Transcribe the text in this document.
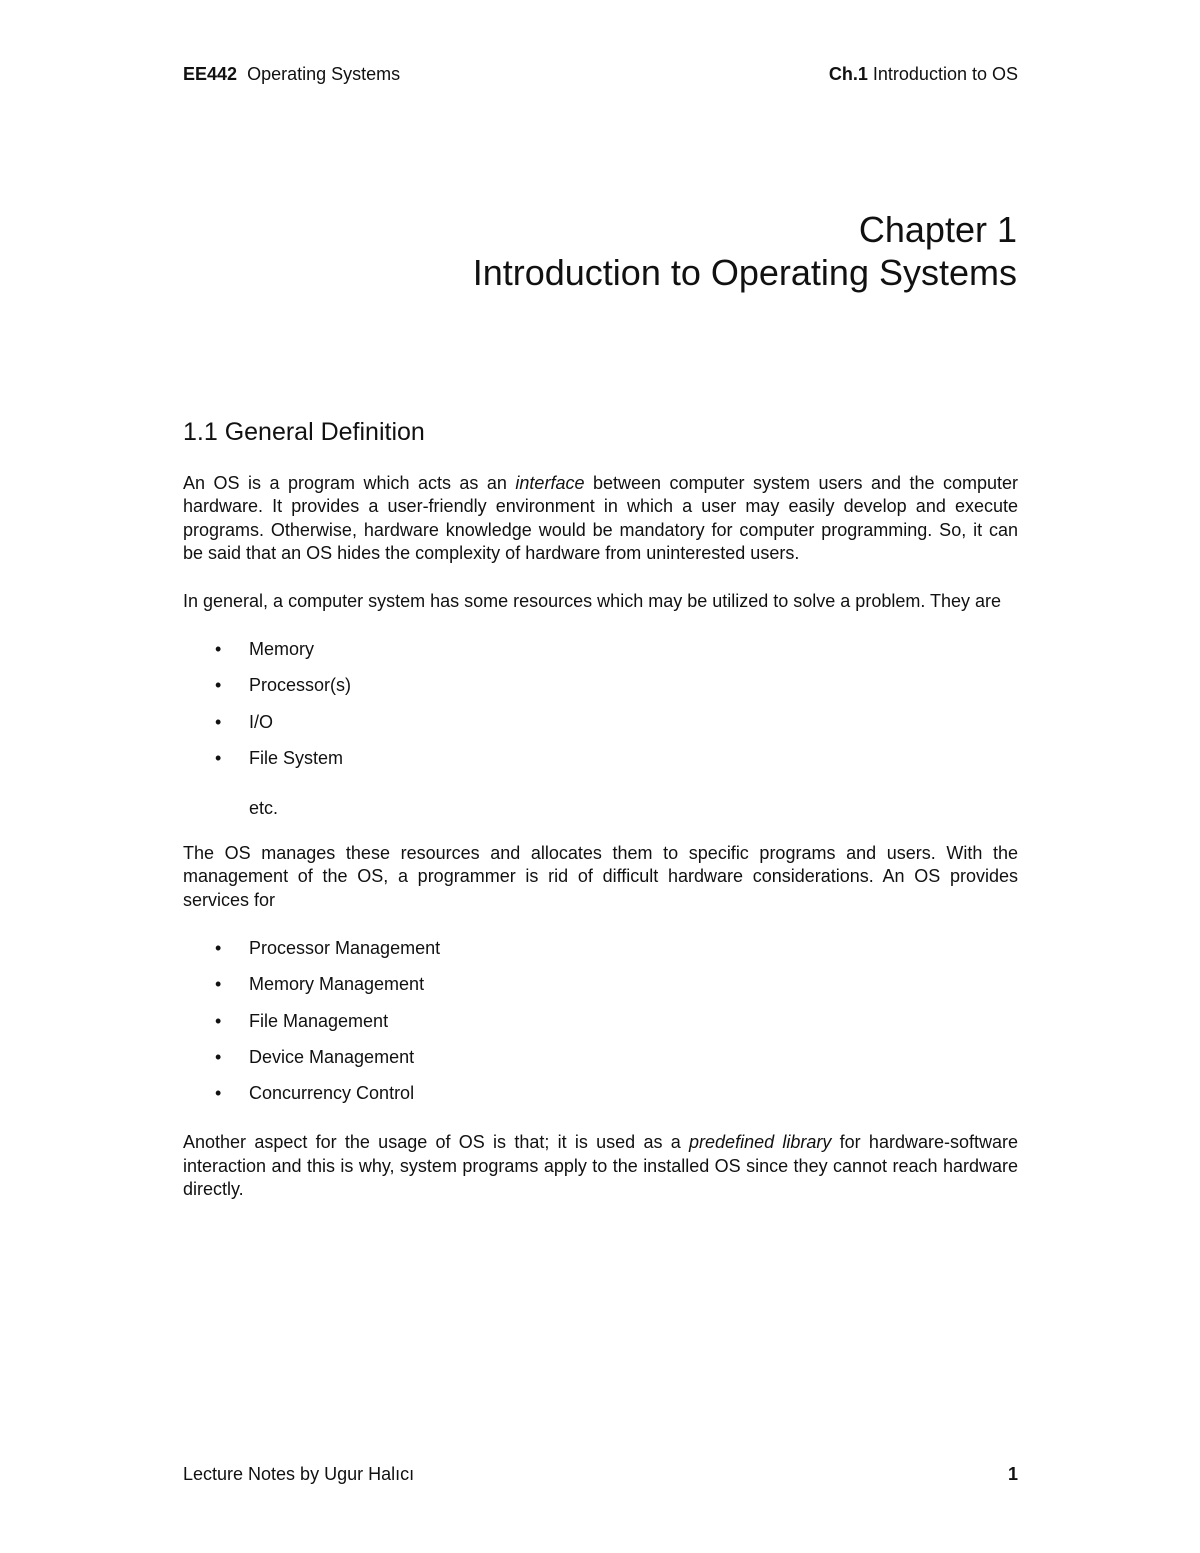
EE442 Operating Systems	Ch.1 Introduction to OS
Chapter 1
Introduction to Operating Systems
1.1 General Definition

An OS is a program which acts as an interface between computer system users and the computer hardware. It provides a user-friendly environment in which a user may easily develop and execute programs. Otherwise, hardware knowledge would be mandatory for computer programming. So, it can be said that an OS hides the complexity of hardware from uninterested users.

In general, a computer system has some resources which may be utilized to solve a problem. They are

• Memory
• Processor(s)
• I/O
• File System
etc.

The OS manages these resources and allocates them to specific programs and users. With the management of the OS, a programmer is rid of difficult hardware considerations. An OS provides services for

• Processor Management
• Memory Management
• File Management
• Device Management
• Concurrency Control

Another aspect for the usage of OS is that; it is used as a predefined library for hardware-software interaction and this is why, system programs apply to the installed OS since they cannot reach hardware directly.

Lecture Notes by Ugur Halıcı	1
